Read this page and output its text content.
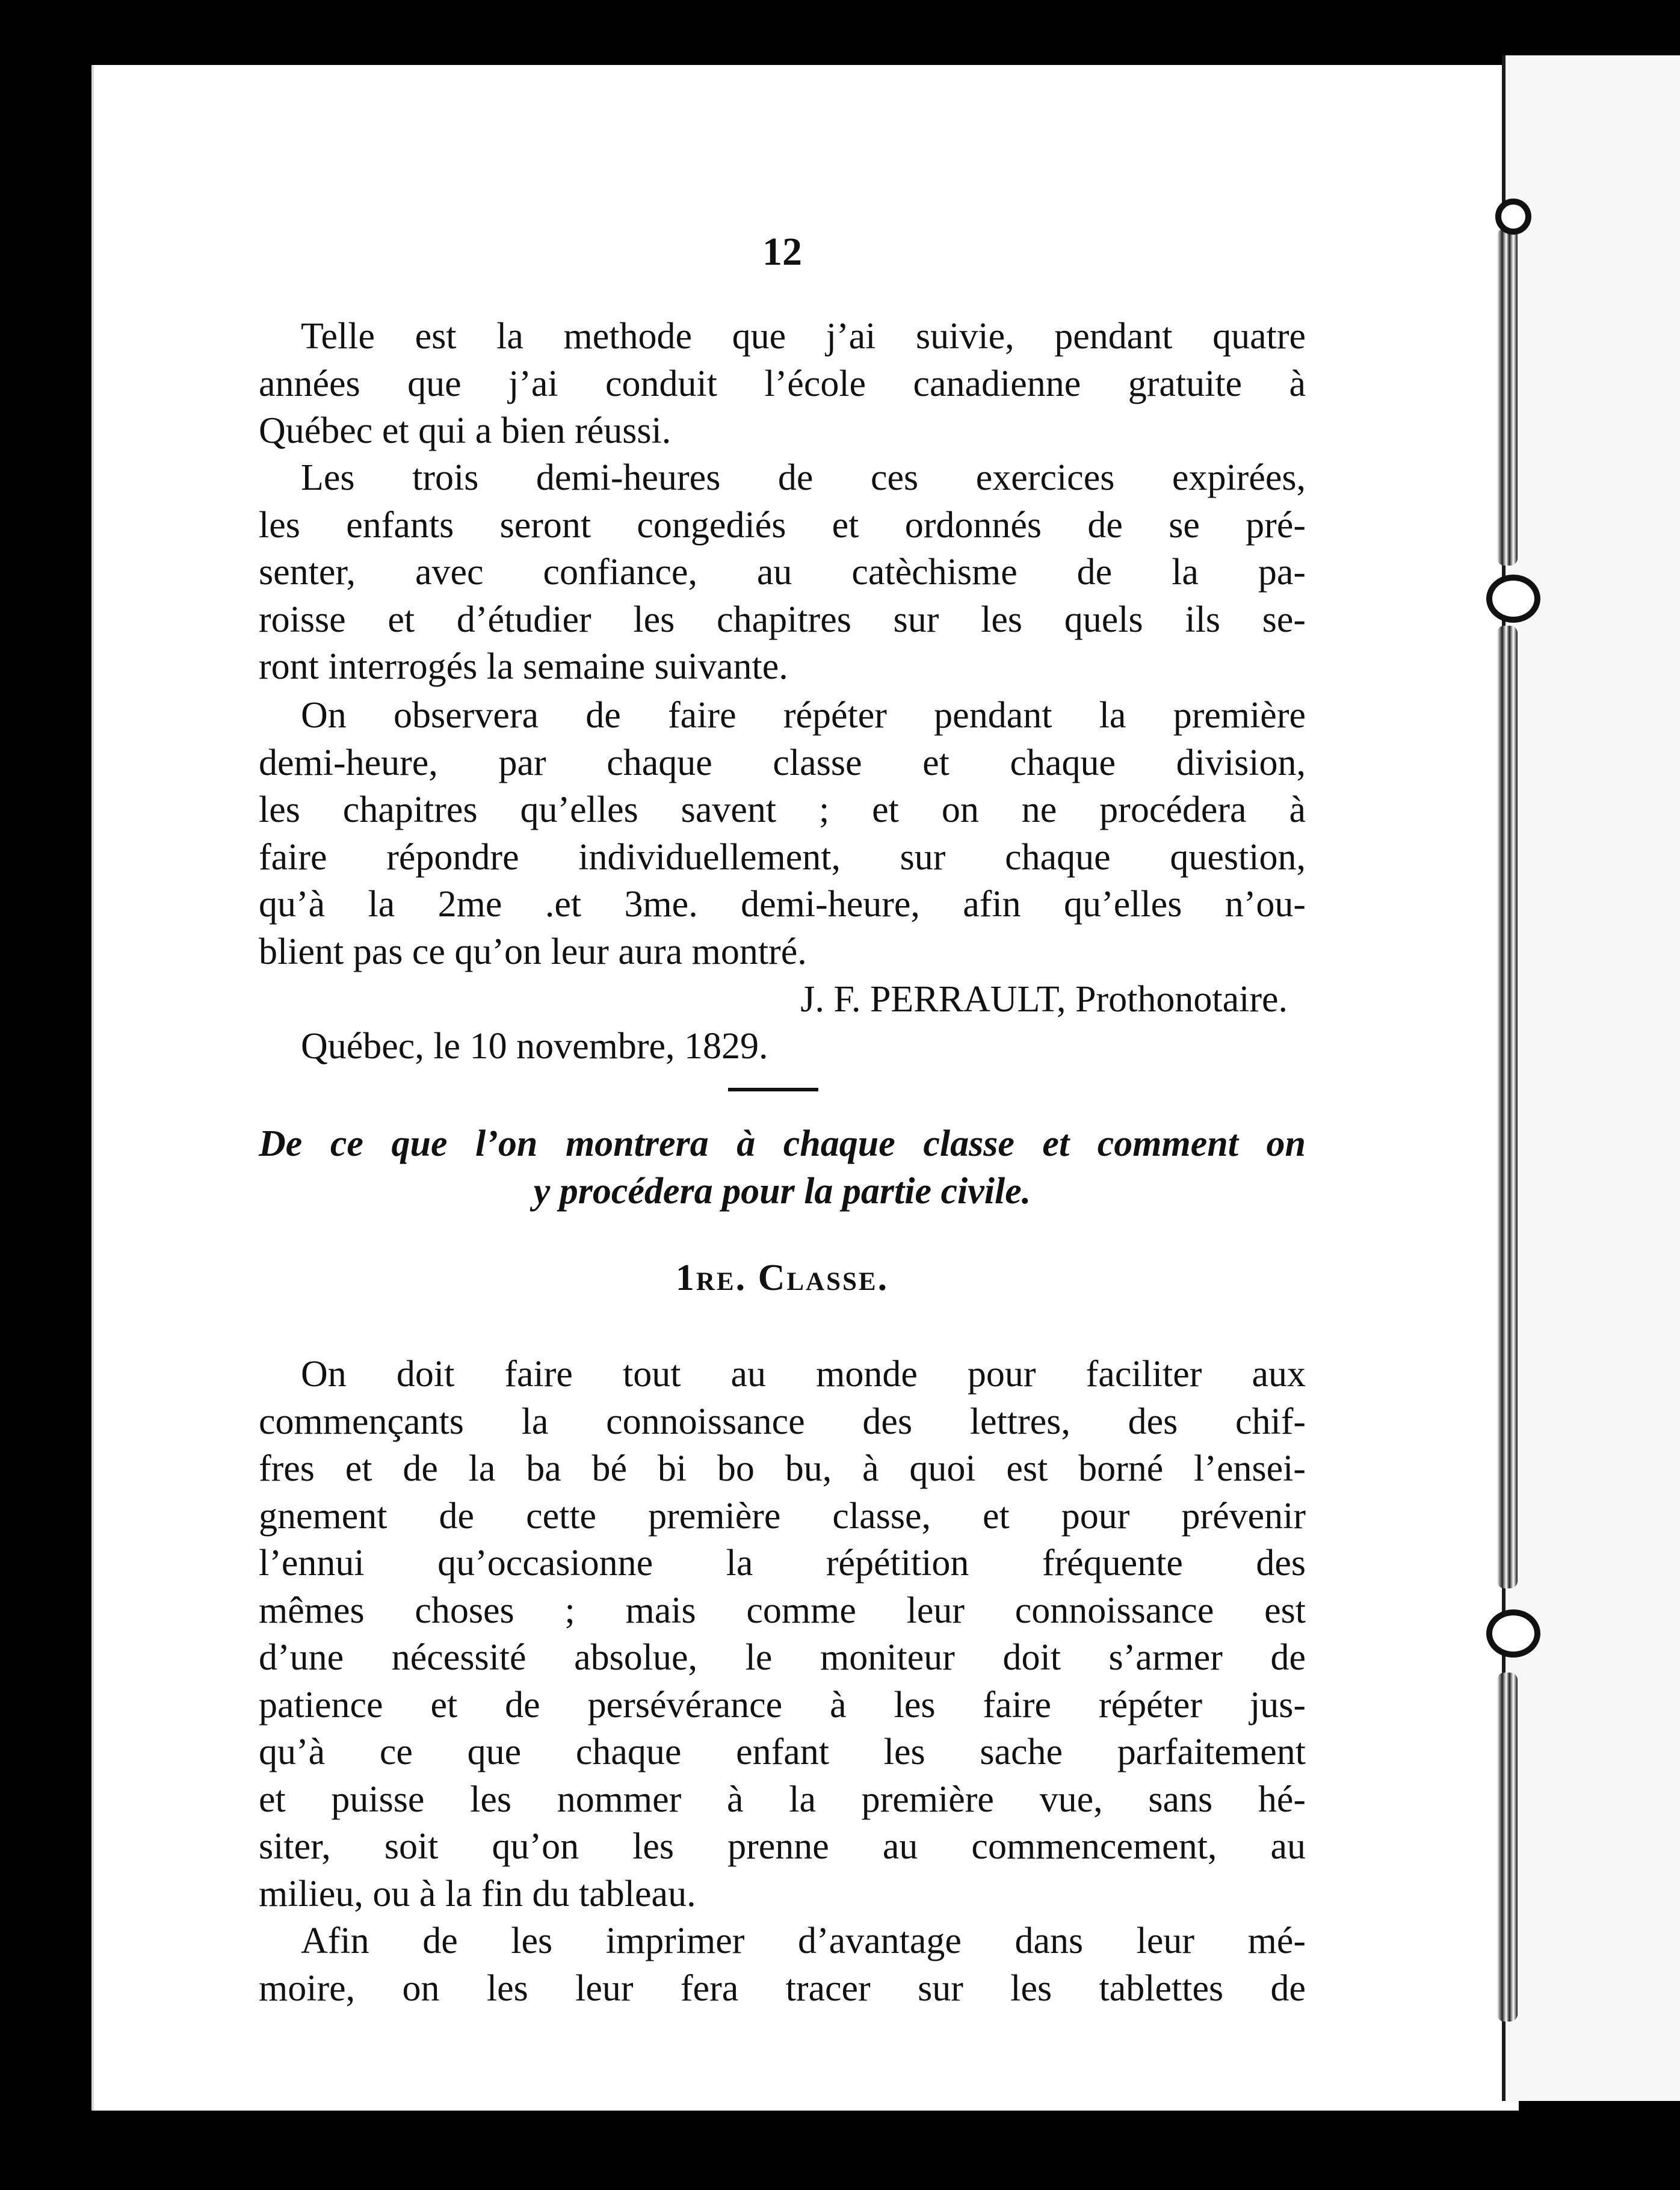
12
Telle est la methode que j’ai suivie, pendant quatre
années que j’ai conduit l’école canadienne gratuite à
Québec et qui a bien réussi.
Les trois demi-heures de ces exercices expirées,
les enfants seront congediés et ordonnés de se pré-
senter, avec confiance, au catèchisme de la pa-
roisse et d’étudier les chapitres sur les quels ils se-
ront interrogés la semaine suivante.
On observera de faire répéter pendant la première
demi-heure, par chaque classe et chaque division,
les chapitres qu’elles savent ; et on ne procédera à
faire répondre individuellement, sur chaque question,
qu’à la 2me .et 3me. demi-heure, afin qu’elles n’ou-
blient pas ce qu’on leur aura montré.
J. F. PERRAULT, Prothonotaire.
Québec, le 10 novembre, 1829.
De ce que l’on montrera à chaque classe et comment on
y procédera pour la partie civile.
1re. Classe.
On doit faire tout au monde pour faciliter aux
commençants la connoissance des lettres, des chif-
fres et de la ba bé bi bo bu, à quoi est borné l’ensei-
gnement de cette première classe, et pour prévenir
l’ennui qu’occasionne la répétition fréquente des
mêmes choses ; mais comme leur connoissance est
d’une nécessité absolue, le moniteur doit s’armer de
patience et de persévérance à les faire répéter jus-
qu’à ce que chaque enfant les sache parfaitement
et puisse les nommer à la première vue, sans hé-
siter, soit qu’on les prenne au commencement, au
milieu, ou à la fin du tableau.
Afin de les imprimer d’avantage dans leur mé-
moire, on les leur fera tracer sur les tablettes de
